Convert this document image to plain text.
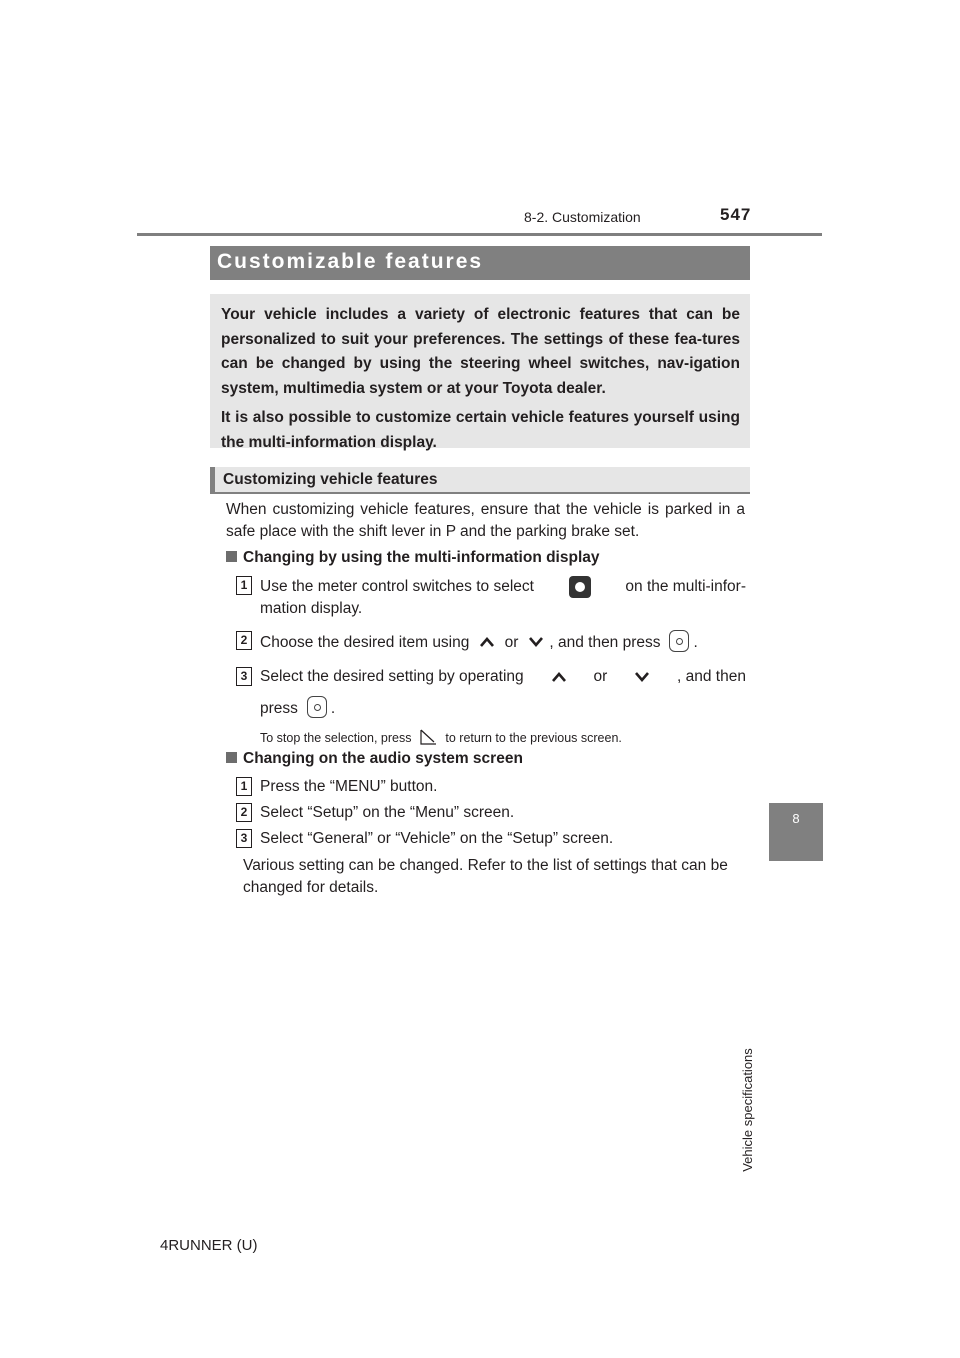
8-2. Customization	547
8
Vehicle specifications
Customizable features

Your vehicle includes a variety of electronic features that can be personalized to suit your preferences. The settings of these fea-tures can be changed by using the steering wheel switches, nav-igation system, multimedia system or at your Toyota dealer.

It is also possible to customize certain vehicle features yourself using the multi-information display.

Customizing vehicle features
When customizing vehicle features, ensure that the vehicle is parked in a safe place with the shift lever in P and the parking brake set.
Changing by using the multi-information display
1 Use the meter control switches to select	on the multi-infor-
mation display.
2 Choose the desired item using or , and then press .
3 Select the desired setting by operating	or	, and then
press .
To stop the selection, press	to return to the previous screen.
Changing on the audio system screen
1 Press the “MENU” button.
2 Select “Setup” on the “Menu” screen.
3 Select “General” or “Vehicle” on the “Setup” screen.
Various setting can be changed. Refer to the list of settings that can be changed for details.
4RUNNER (U)
